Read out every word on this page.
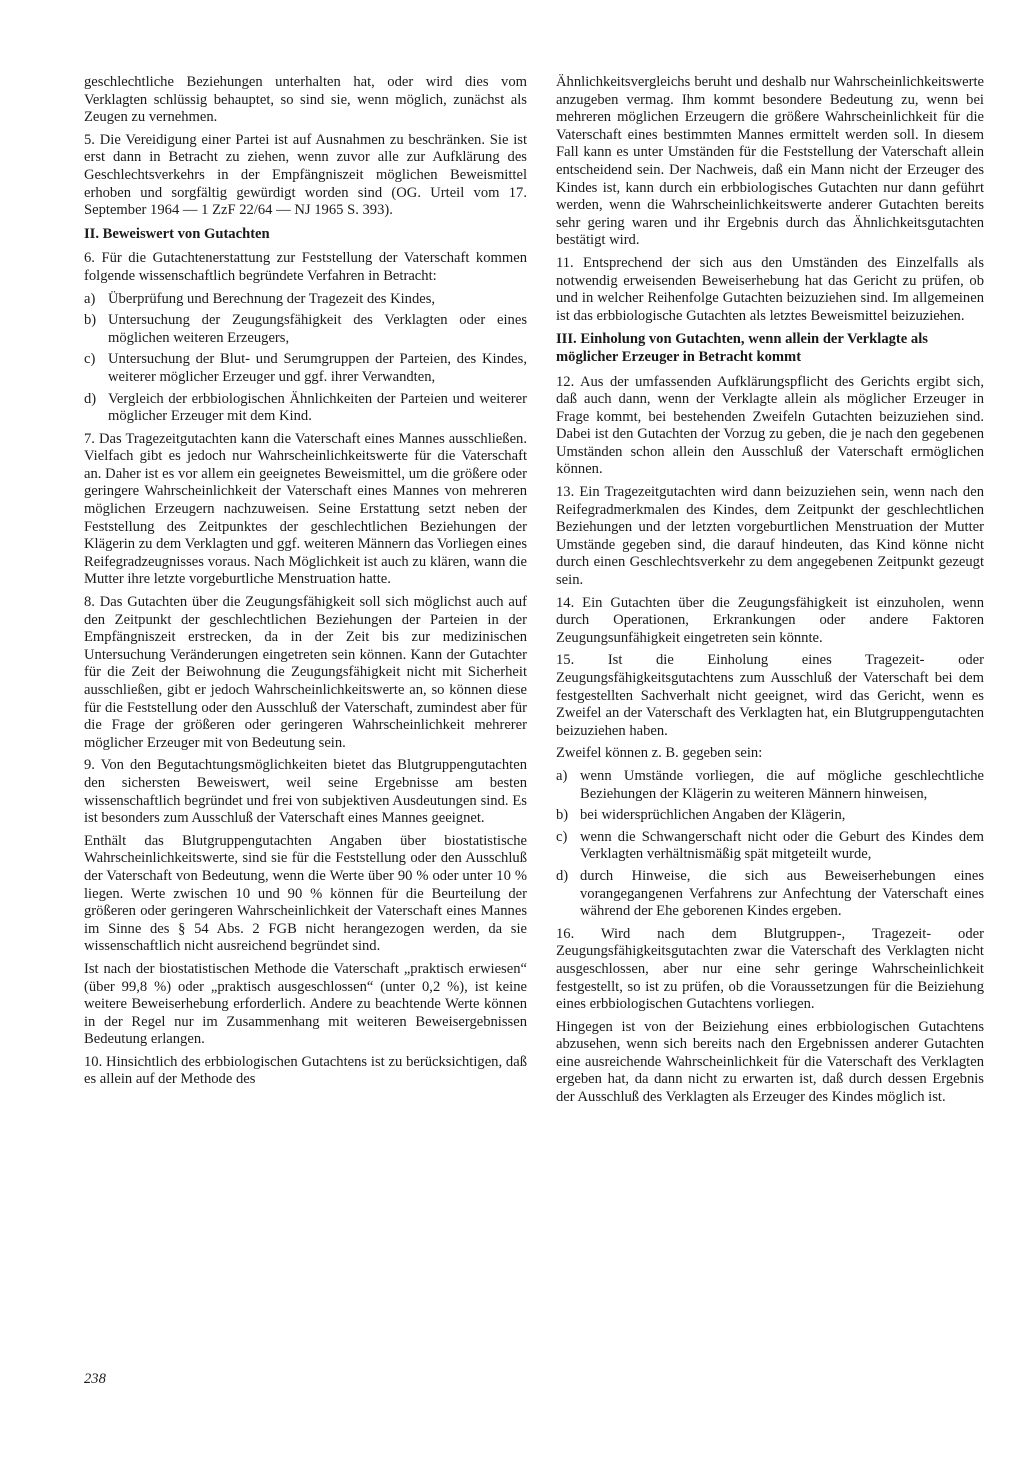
geschlechtliche Beziehungen unterhalten hat, oder wird dies vom Verklagten schlüssig behauptet, so sind sie, wenn möglich, zunächst als Zeugen zu vernehmen.

5. Die Vereidigung einer Partei ist auf Ausnahmen zu beschränken. Sie ist erst dann in Betracht zu ziehen, wenn zuvor alle zur Aufklärung des Geschlechtsverkehrs in der Empfängniszeit möglichen Beweismittel erhoben und sorgfältig gewürdigt worden sind (OG. Urteil vom 17. September 1964 — 1 ZzF 22/64 — NJ 1965 S. 393).

II. Beweiswert von Gutachten

6. Für die Gutachtenerstattung zur Feststellung der Vaterschaft kommen folgende wissenschaftlich begründete Verfahren in Betracht:

a) Überprüfung und Berechnung der Tragezeit des Kindes,
b) Untersuchung der Zeugungsfähigkeit des Verklagten oder eines möglichen weiteren Erzeugers,
c) Untersuchung der Blut- und Serumgruppen der Parteien, des Kindes, weiterer möglicher Erzeuger und ggf. ihrer Verwandten,
d) Vergleich der erbbiologischen Ähnlichkeiten der Parteien und weiterer möglicher Erzeuger mit dem Kind.

7. Das Tragezeitgutachten kann die Vaterschaft eines Mannes ausschließen. Vielfach gibt es jedoch nur Wahrscheinlichkeitswerte für die Vaterschaft an. Daher ist es vor allem ein geeignetes Beweismittel, um die größere oder geringere Wahrscheinlichkeit der Vaterschaft eines Mannes von mehreren möglichen Erzeugern nachzuweisen. Seine Erstattung setzt neben der Feststellung des Zeitpunktes der geschlechtlichen Beziehungen der Klägerin zu dem Verklagten und ggf. weiteren Männern das Vorliegen eines Reifegradzeugnisses voraus. Nach Möglichkeit ist auch zu klären, wann die Mutter ihre letzte vorgeburtliche Menstruation hatte.

8. Das Gutachten über die Zeugungsfähigkeit soll sich möglichst auch auf den Zeitpunkt der geschlechtlichen Beziehungen der Parteien in der Empfängniszeit erstrecken, da in der Zeit bis zur medizinischen Untersuchung Veränderungen eingetreten sein können. Kann der Gutachter für die Zeit der Beiwohnung die Zeugungsfähigkeit nicht mit Sicherheit ausschließen, gibt er jedoch Wahrscheinlichkeitswerte an, so können diese für die Feststellung oder den Ausschluß der Vaterschaft, zumindest aber für die Frage der größeren oder geringeren Wahrscheinlichkeit mehrerer möglicher Erzeuger mit von Bedeutung sein.

9. Von den Begutachtungsmöglichkeiten bietet das Blutgruppengutachten den sichersten Beweiswert, weil seine Ergebnisse am besten wissenschaftlich begründet und frei von subjektiven Ausdeutungen sind. Es ist besonders zum Ausschluß der Vaterschaft eines Mannes geeignet.

Enthält das Blutgruppengutachten Angaben über biostatistische Wahrscheinlichkeitswerte, sind sie für die Feststellung oder den Ausschluß der Vaterschaft von Bedeutung, wenn die Werte über 90 % oder unter 10 % liegen. Werte zwischen 10 und 90 % können für die Beurteilung der größeren oder geringeren Wahrscheinlichkeit der Vaterschaft eines Mannes im Sinne des § 54 Abs. 2 FGB nicht herangezogen werden, da sie wissenschaftlich nicht ausreichend begründet sind.

Ist nach der biostatistischen Methode die Vaterschaft „praktisch erwiesen“ (über 99,8 %) oder „praktisch ausgeschlossen“ (unter 0,2 %), ist keine weitere Beweiserhebung erforderlich. Andere zu beachtende Werte können in der Regel nur im Zusammenhang mit weiteren Beweisergebnissen Bedeutung erlangen.

10. Hinsichtlich des erbbiologischen Gutachtens ist zu berücksichtigen, daß es allein auf der Methode des

Ähnlichkeitsvergleichs beruht und deshalb nur Wahrscheinlichkeitswerte anzugeben vermag. Ihm kommt besondere Bedeutung zu, wenn bei mehreren möglichen Erzeugern die größere Wahrscheinlichkeit für die Vaterschaft eines bestimmten Mannes ermittelt werden soll. In diesem Fall kann es unter Umständen für die Feststellung der Vaterschaft allein entscheidend sein. Der Nachweis, daß ein Mann nicht der Erzeuger des Kindes ist, kann durch ein erbbiologisches Gutachten nur dann geführt werden, wenn die Wahrscheinlichkeitswerte anderer Gutachten bereits sehr gering waren und ihr Ergebnis durch das Ähnlichkeitsgutachten bestätigt wird.

11. Entsprechend der sich aus den Umständen des Einzelfalls als notwendig erweisenden Beweiserhebung hat das Gericht zu prüfen, ob und in welcher Reihenfolge Gutachten beizuziehen sind. Im allgemeinen ist das erbbiologische Gutachten als letztes Beweismittel beizuziehen.

III. Einholung von Gutachten, wenn allein der Verklagte als möglicher Erzeuger in Betracht kommt

12. Aus der umfassenden Aufklärungspflicht des Gerichts ergibt sich, daß auch dann, wenn der Verklagte allein als möglicher Erzeuger in Frage kommt, bei bestehenden Zweifeln Gutachten beizuziehen sind. Dabei ist den Gutachten der Vorzug zu geben, die je nach den gegebenen Umständen schon allein den Ausschluß der Vaterschaft ermöglichen können.

13. Ein Tragezeitgutachten wird dann beizuziehen sein, wenn nach den Reifegradmerkmalen des Kindes, dem Zeitpunkt der geschlechtlichen Beziehungen und der letzten vorgeburtlichen Menstruation der Mutter Umstände gegeben sind, die darauf hindeuten, das Kind könne nicht durch einen Geschlechtsverkehr zu dem angegebenen Zeitpunkt gezeugt sein.

14. Ein Gutachten über die Zeugungsfähigkeit ist einzuholen, wenn durch Operationen, Erkrankungen oder andere Faktoren Zeugungsunfähigkeit eingetreten sein könnte.

15. Ist die Einholung eines Tragezeit- oder Zeugungsfähigkeitsgutachtens zum Ausschluß der Vaterschaft bei dem festgestellten Sachverhalt nicht geeignet, wird das Gericht, wenn es Zweifel an der Vaterschaft des Verklagten hat, ein Blutgruppengutachten beizuziehen haben.

Zweifel können z. B. gegeben sein:

a) wenn Umstände vorliegen, die auf mögliche geschlechtliche Beziehungen der Klägerin zu weiteren Männern hinweisen,
b) bei widersprüchlichen Angaben der Klägerin,
c) wenn die Schwangerschaft nicht oder die Geburt des Kindes dem Verklagten verhältnismäßig spät mitgeteilt wurde,
d) durch Hinweise, die sich aus Beweiserhebungen eines vorangegangenen Verfahrens zur Anfechtung der Vaterschaft eines während der Ehe geborenen Kindes ergeben.

16. Wird nach dem Blutgruppen-, Tragezeit- oder Zeugungsfähigkeitsgutachten zwar die Vaterschaft des Verklagten nicht ausgeschlossen, aber nur eine sehr geringe Wahrscheinlichkeit festgestellt, so ist zu prüfen, ob die Voraussetzungen für die Beiziehung eines erbbiologischen Gutachtens vorliegen.

Hingegen ist von der Beiziehung eines erbbiologischen Gutachtens abzusehen, wenn sich bereits nach den Ergebnissen anderer Gutachten eine ausreichende Wahrscheinlichkeit für die Vaterschaft des Verklagten ergeben hat, da dann nicht zu erwarten ist, daß durch dessen Ergebnis der Ausschluß des Verklagten als Erzeuger des Kindes möglich ist.

238
